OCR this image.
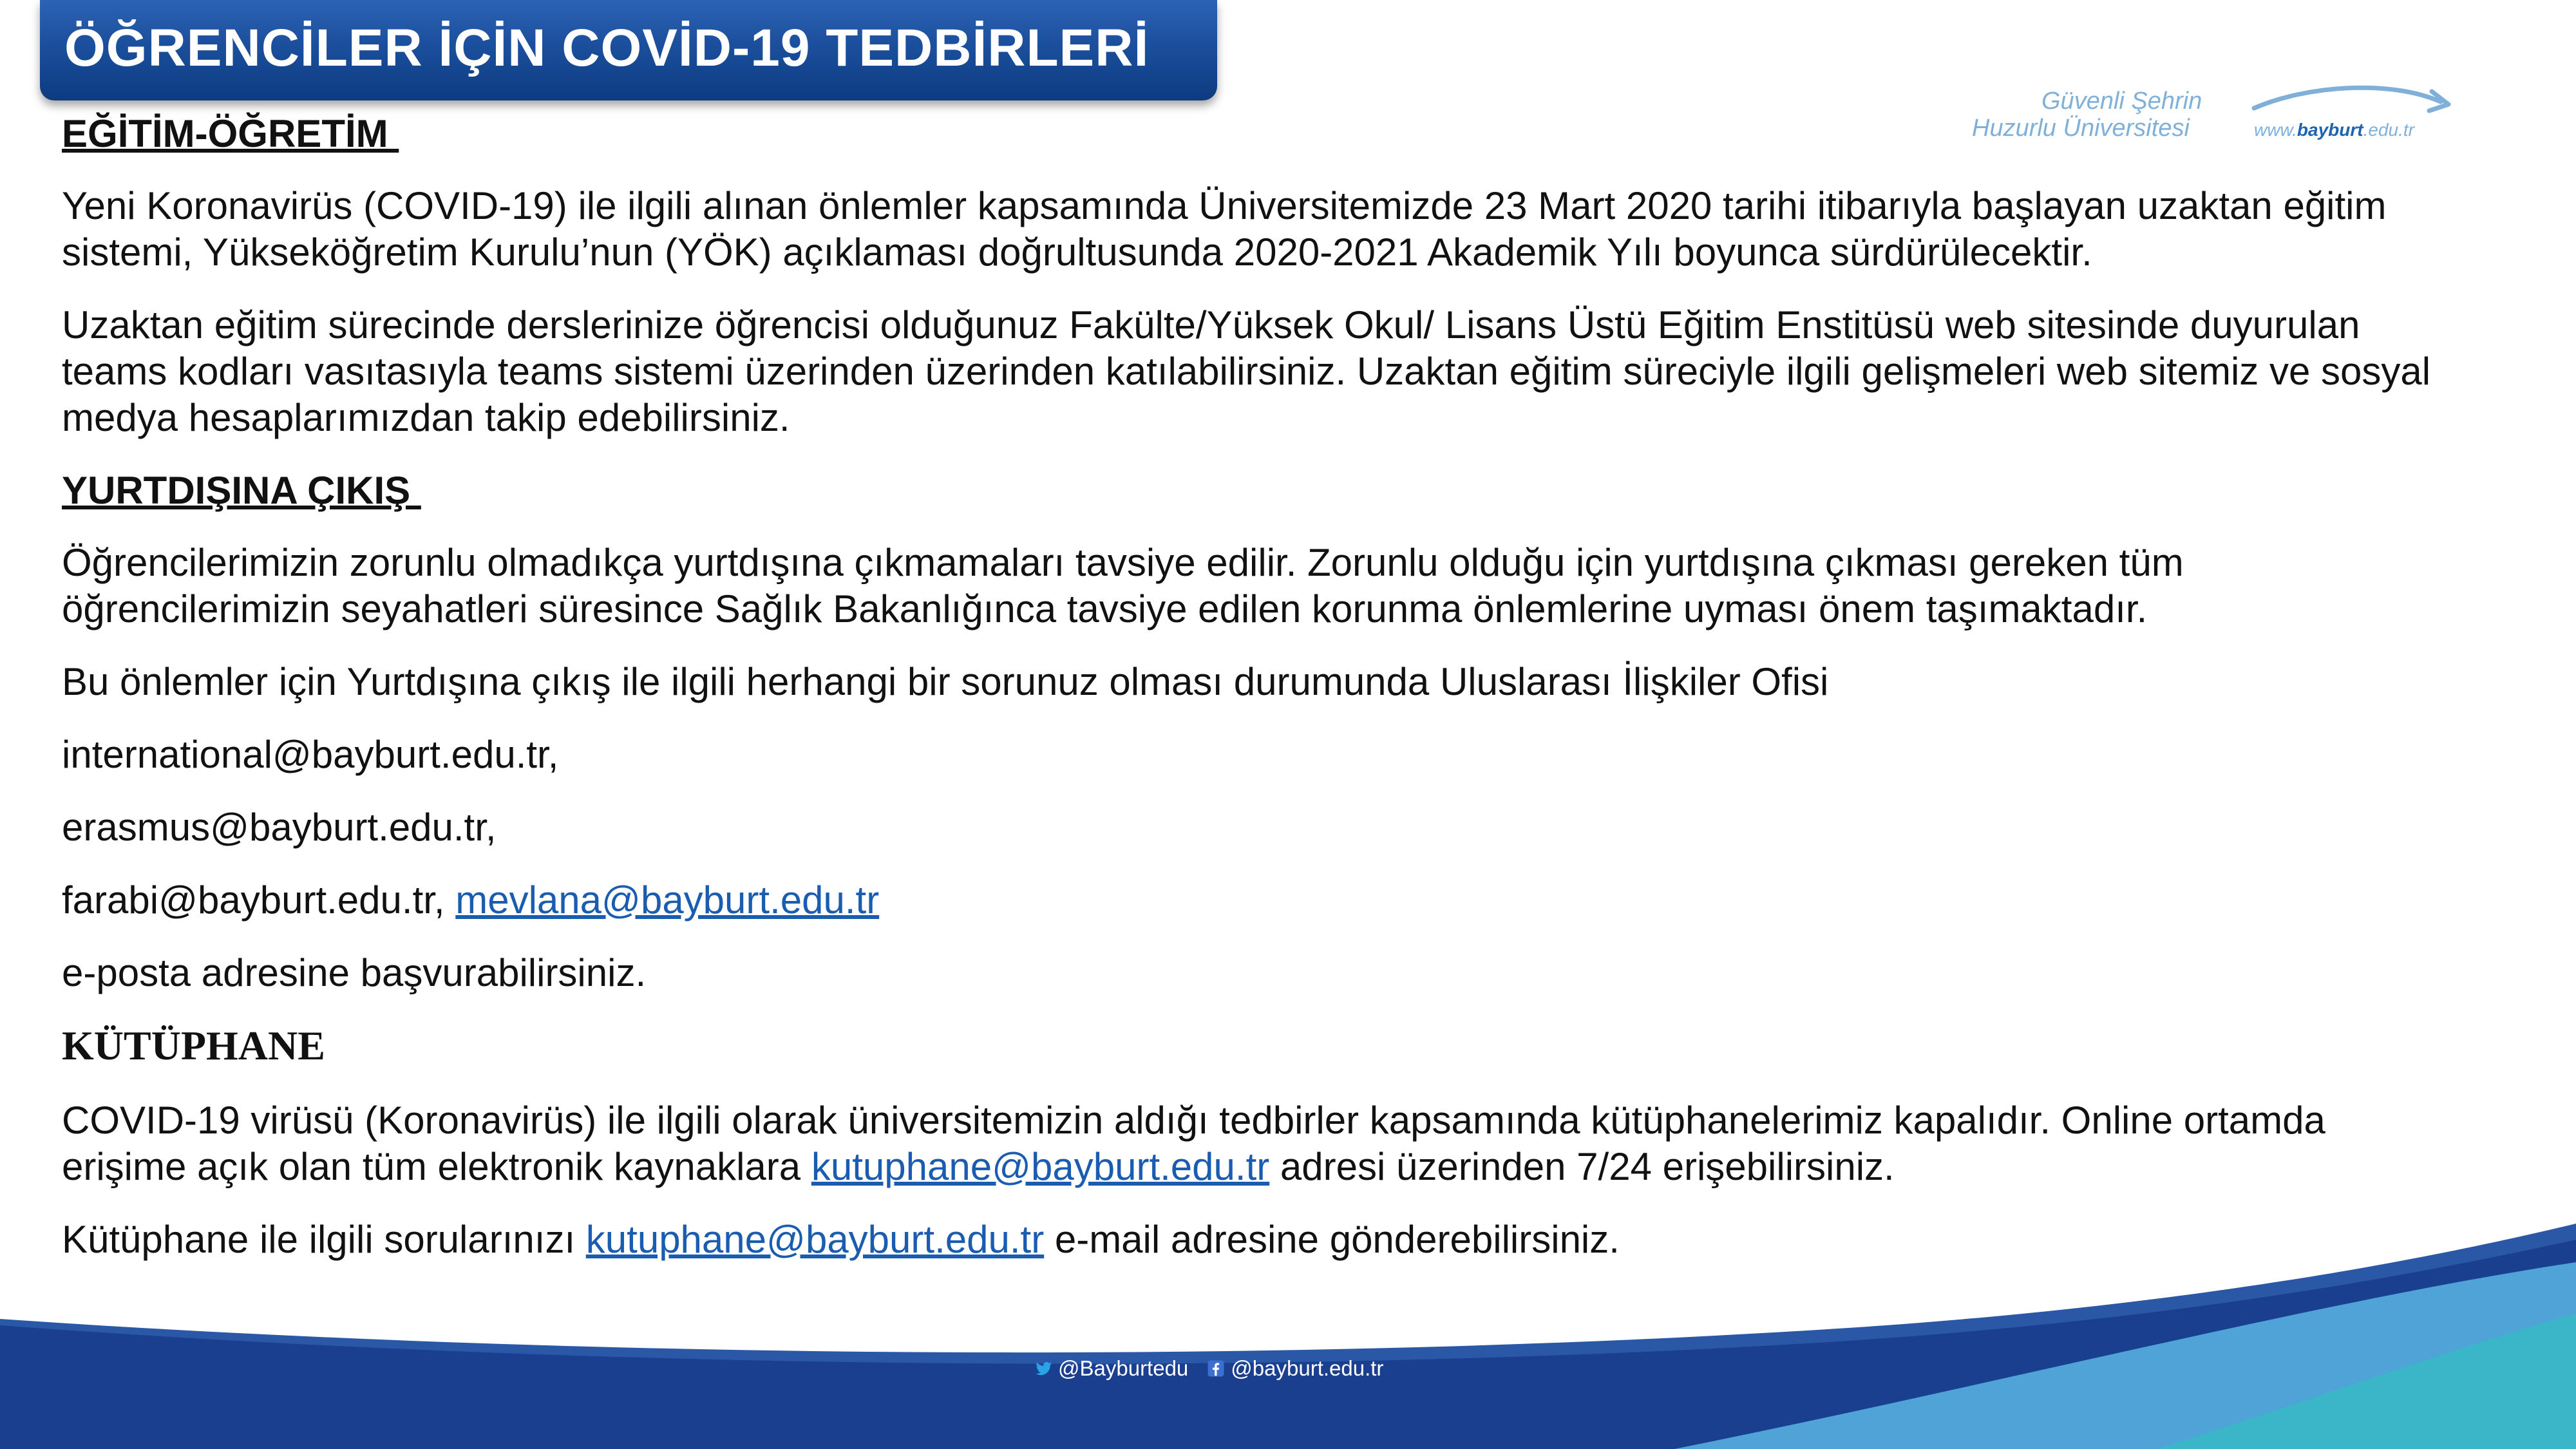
ÖĞRENCİLER İÇİN COVİD-19 TEDBİRLERİ
Güvenli Şehrin
Huzurlu Üniversitesi	www.bayburt.edu.tr

EĞİTİM-ÖĞRETİM

Yeni Koronavirüs (COVID-19) ile ilgili alınan önlemler kapsamında Üniversitemizde 23 Mart 2020 tarihi itibarıyla başlayan uzaktan eğitim sistemi, Yükseköğretim Kurulu’nun (YÖK) açıklaması doğrultusunda 2020-2021 Akademik Yılı boyunca sürdürülecektir.

Uzaktan eğitim sürecinde derslerinize öğrencisi olduğunuz Fakülte/Yüksek Okul/ Lisans Üstü Eğitim Enstitüsü web sitesinde duyurulan teams kodları vasıtasıyla teams sistemi üzerinden üzerinden katılabilirsiniz. Uzaktan eğitim süreciyle ilgili gelişmeleri web sitemiz ve sosyal medya hesaplarımızdan takip edebilirsiniz.

YURTDIŞINA ÇIKIŞ

Öğrencilerimizin zorunlu olmadıkça yurtdışına çıkmamaları tavsiye edilir. Zorunlu olduğu için yurtdışına çıkması gereken tüm öğrencilerimizin seyahatleri süresince Sağlık Bakanlığınca tavsiye edilen korunma önlemlerine uyması önem taşımaktadır.

Bu önlemler için Yurtdışına çıkış ile ilgili herhangi bir sorunuz olması durumunda Uluslarası İlişkiler Ofisi

international@bayburt.edu.tr,

erasmus@bayburt.edu.tr,

farabi@bayburt.edu.tr, mevlana@bayburt.edu.tr

e-posta adresine başvurabilirsiniz.

KÜTÜPHANE

COVID-19 virüsü (Koronavirüs) ile ilgili olarak üniversitemizin aldığı tedbirler kapsamında kütüphanelerimiz kapalıdır. Online ortamda erişime açık olan tüm elektronik kaynaklara kutuphane@bayburt.edu.tr adresi üzerinden 7/24 erişebilirsiniz.

Kütüphane ile ilgili sorularınızı kutuphane@bayburt.edu.tr e-mail adresine gönderebilirsiniz.

@Bayburtedu @bayburt.edu.tr
